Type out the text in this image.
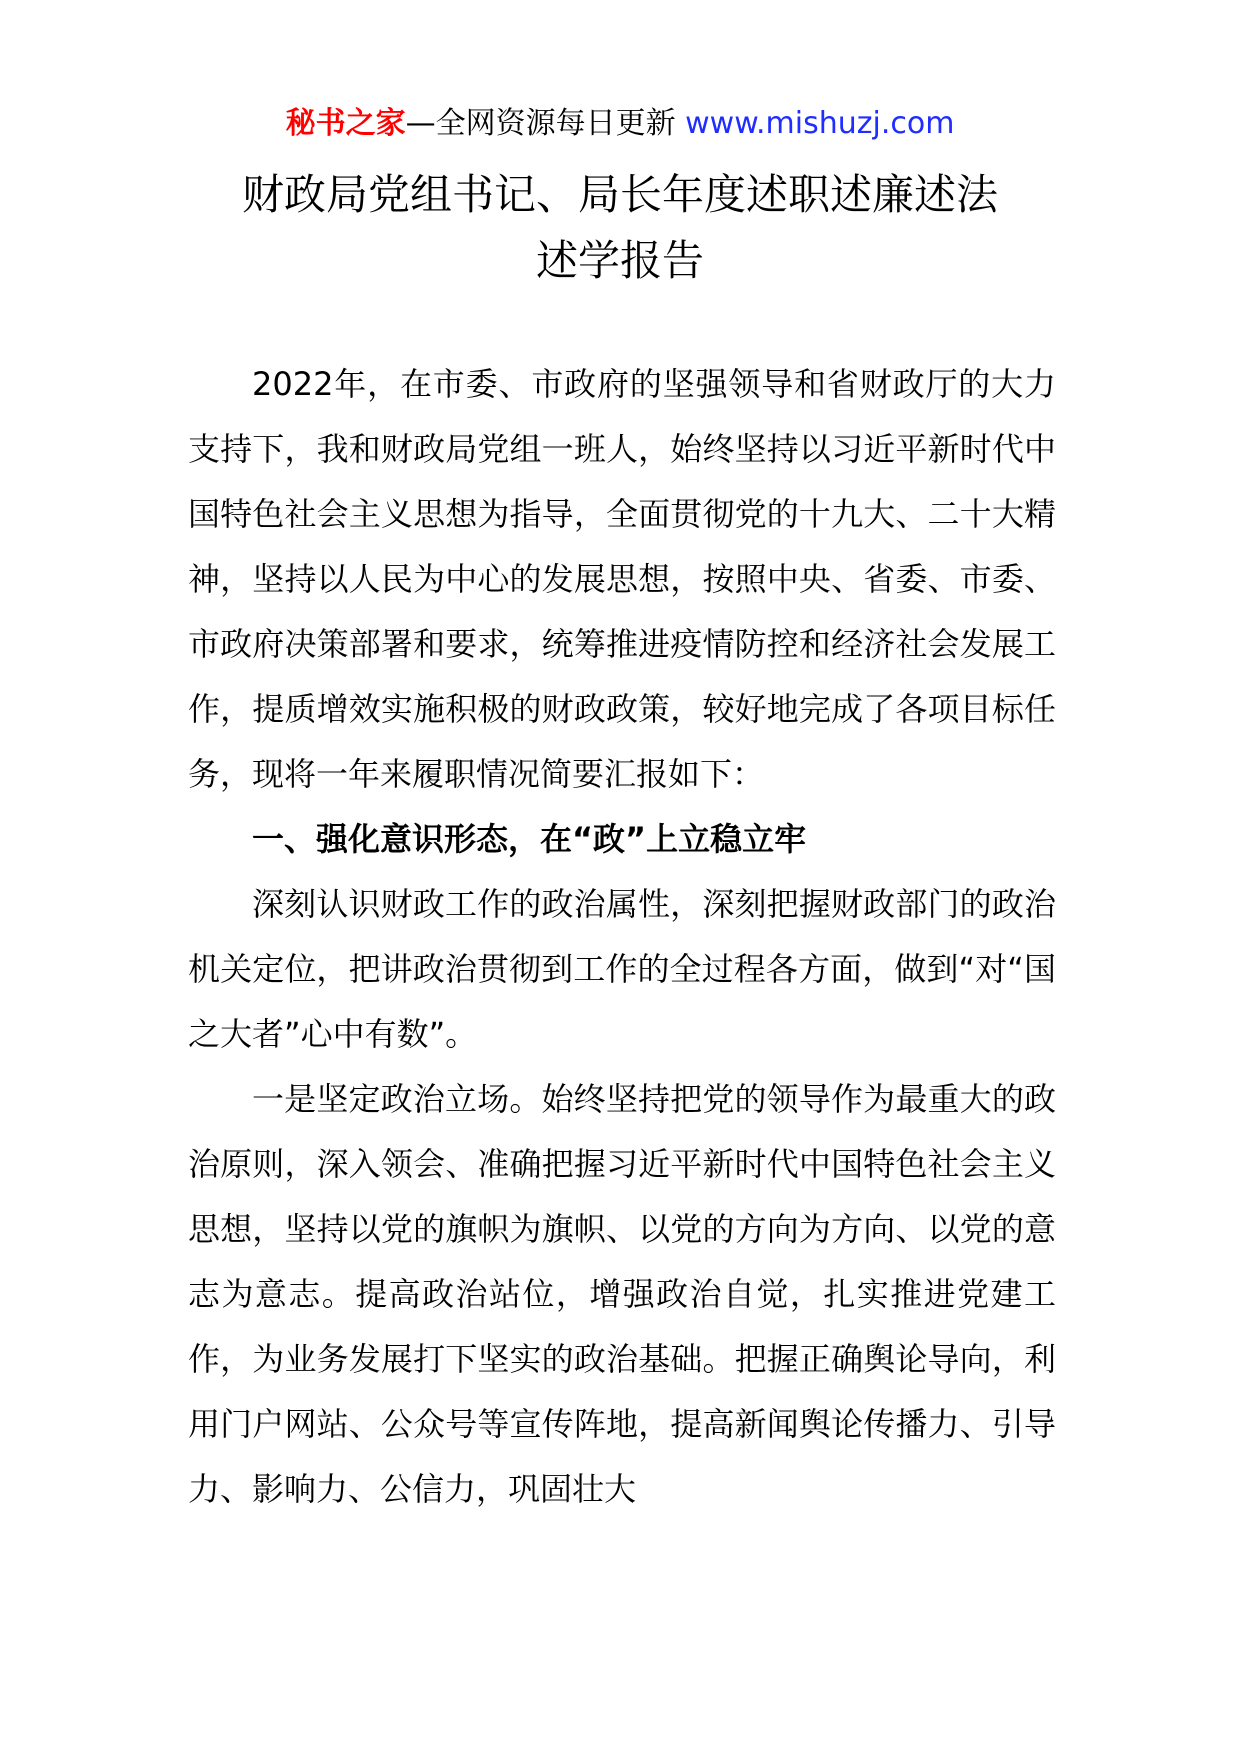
秘书之家—全网资源每日更新 www.mishuzj.com
财政局党组书记、局长年度述职述廉述法
述学报告

2022年，在市委、市政府的坚强领导和省财政厅的大力支持下，我和财政局党组一班人，始终坚持以习近平新时代中国特色社会主义思想为指导，全面贯彻党的十九大、二十大精神，坚持以人民为中心的发展思想，按照中央、省委、市委、市政府决策部署和要求，统筹推进疫情防控和经济社会发展工作，提质增效实施积极的财政政策，较好地完成了各项目标任务，现将一年来履职情况简要汇报如下：

一、强化意识形态，在“政”上立稳立牢

深刻认识财政工作的政治属性，深刻把握财政部门的政治机关定位，把讲政治贯彻到工作的全过程各方面，做到“对“国之大者”心中有数”。

一是坚定政治立场。始终坚持把党的领导作为最重大的政治原则，深入领会、准确把握习近平新时代中国特色社会主义思想，坚持以党的旗帜为旗帜、以党的方向为方向、以党的意志为意志。提高政治站位，增强政治自觉，扎实推进党建工作，为业务发展打下坚实的政治基础。把握正确舆论导向，利用门户网站、公众号等宣传阵地，提高新闻舆论传播力、引导力、影响力、公信力，巩固壮大
